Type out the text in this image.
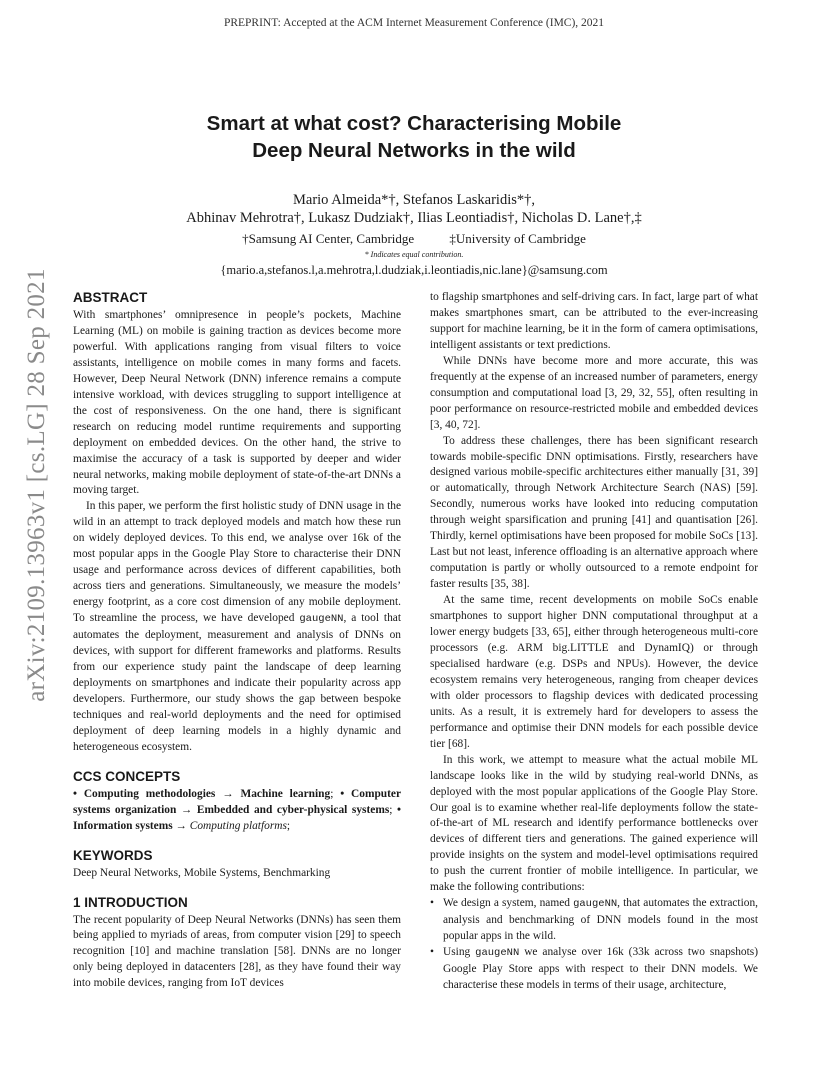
PREPRINT: Accepted at the ACM Internet Measurement Conference (IMC), 2021
arXiv:2109.13963v1 [cs.LG] 28 Sep 2021
Smart at what cost? Characterising Mobile
Deep Neural Networks in the wild
Mario Almeida*†, Stefanos Laskaridis*†,
Abhinav Mehrotra†, Lukasz Dudziak†, Ilias Leontiadis†, Nicholas D. Lane†,‡
†Samsung AI Center, Cambridge	‡University of Cambridge
* Indicates equal contribution.
{mario.a,stefanos.l,a.mehrotra,l.dudziak,i.leontiadis,nic.lane}@samsung.com
ABSTRACT

With smartphones’ omnipresence in people’s pockets, Machine Learning (ML) on mobile is gaining traction as devices become more powerful. With applications ranging from visual filters to voice assistants, intelligence on mobile comes in many forms and facets. However, Deep Neural Network (DNN) inference remains a compute intensive workload, with devices struggling to support intelligence at the cost of responsiveness. On the one hand, there is significant research on reducing model runtime requirements and supporting deployment on embedded devices. On the other hand, the strive to maximise the accuracy of a task is supported by deeper and wider neural networks, making mobile deployment of state-of-the-art DNNs a moving target.

In this paper, we perform the first holistic study of DNN usage in the wild in an attempt to track deployed models and match how these run on widely deployed devices. To this end, we analyse over 16k of the most popular apps in the Google Play Store to characterise their DNN usage and performance across devices of different capabilities, both across tiers and generations. Simultaneously, we measure the models’ energy footprint, as a core cost dimension of any mobile deployment. To streamline the process, we have developed gaugeNN, a tool that automates the deployment, measurement and analysis of DNNs on devices, with support for different frameworks and platforms. Results from our experience study paint the landscape of deep learning deployments on smartphones and indicate their popularity across app developers. Furthermore, our study shows the gap between bespoke techniques and real-world deployments and the need for optimised deployment of deep learning models in a highly dynamic and heterogeneous ecosystem.

CCS CONCEPTS

• Computing methodologies → Machine learning; • Computer systems organization → Embedded and cyber-physical systems; • Information systems → Computing platforms;

KEYWORDS

Deep Neural Networks, Mobile Systems, Benchmarking

1 INTRODUCTION

The recent popularity of Deep Neural Networks (DNNs) has seen them being applied to myriads of areas, from computer vision [29] to speech recognition [10] and machine translation [58]. DNNs are no longer only being deployed in datacenters [28], as they have found their way into mobile devices, ranging from IoT devices

to flagship smartphones and self-driving cars. In fact, large part of what makes smartphones smart, can be attributed to the ever-increasing support for machine learning, be it in the form of camera optimisations, intelligent assistants or text predictions.

While DNNs have become more and more accurate, this was frequently at the expense of an increased number of parameters, energy consumption and computational load [3, 29, 32, 55], often resulting in poor performance on resource-restricted mobile and embedded devices [3, 40, 72].

To address these challenges, there has been significant research towards mobile-specific DNN optimisations. Firstly, researchers have designed various mobile-specific architectures either manually [31, 39] or automatically, through Network Architecture Search (NAS) [59]. Secondly, numerous works have looked into reducing computation through weight sparsification and pruning [41] and quantisation [26]. Thirdly, kernel optimisations have been proposed for mobile SoCs [13]. Last but not least, inference offloading is an alternative approach where computation is partly or wholly outsourced to a remote endpoint for faster results [35, 38].

At the same time, recent developments on mobile SoCs enable smartphones to support higher DNN computational throughput at a lower energy budgets [33, 65], either through heterogeneous multi-core processors (e.g. ARM big.LITTLE and DynamIQ) or through specialised hardware (e.g. DSPs and NPUs). However, the device ecosystem remains very heterogeneous, ranging from cheaper devices with older processors to flagship devices with dedicated processing units. As a result, it is extremely hard for developers to assess the performance and optimise their DNN models for each possible device tier [68].

In this work, we attempt to measure what the actual mobile ML landscape looks like in the wild by studying real-world DNNs, as deployed with the most popular applications of the Google Play Store. Our goal is to examine whether real-life deployments follow the state-of-the-art of ML research and identify performance bottlenecks over devices of different tiers and generations. The gained experience will provide insights on the system and model-level optimisations required to push the current frontier of mobile intelligence. In particular, we make the following contributions:

• We design a system, named gaugeNN, that automates the extraction, analysis and benchmarking of DNN models found in the most popular apps in the wild.
• Using gaugeNN we analyse over 16k (33k across two snapshots) Google Play Store apps with respect to their DNN models. We characterise these models in terms of their usage, architecture,
